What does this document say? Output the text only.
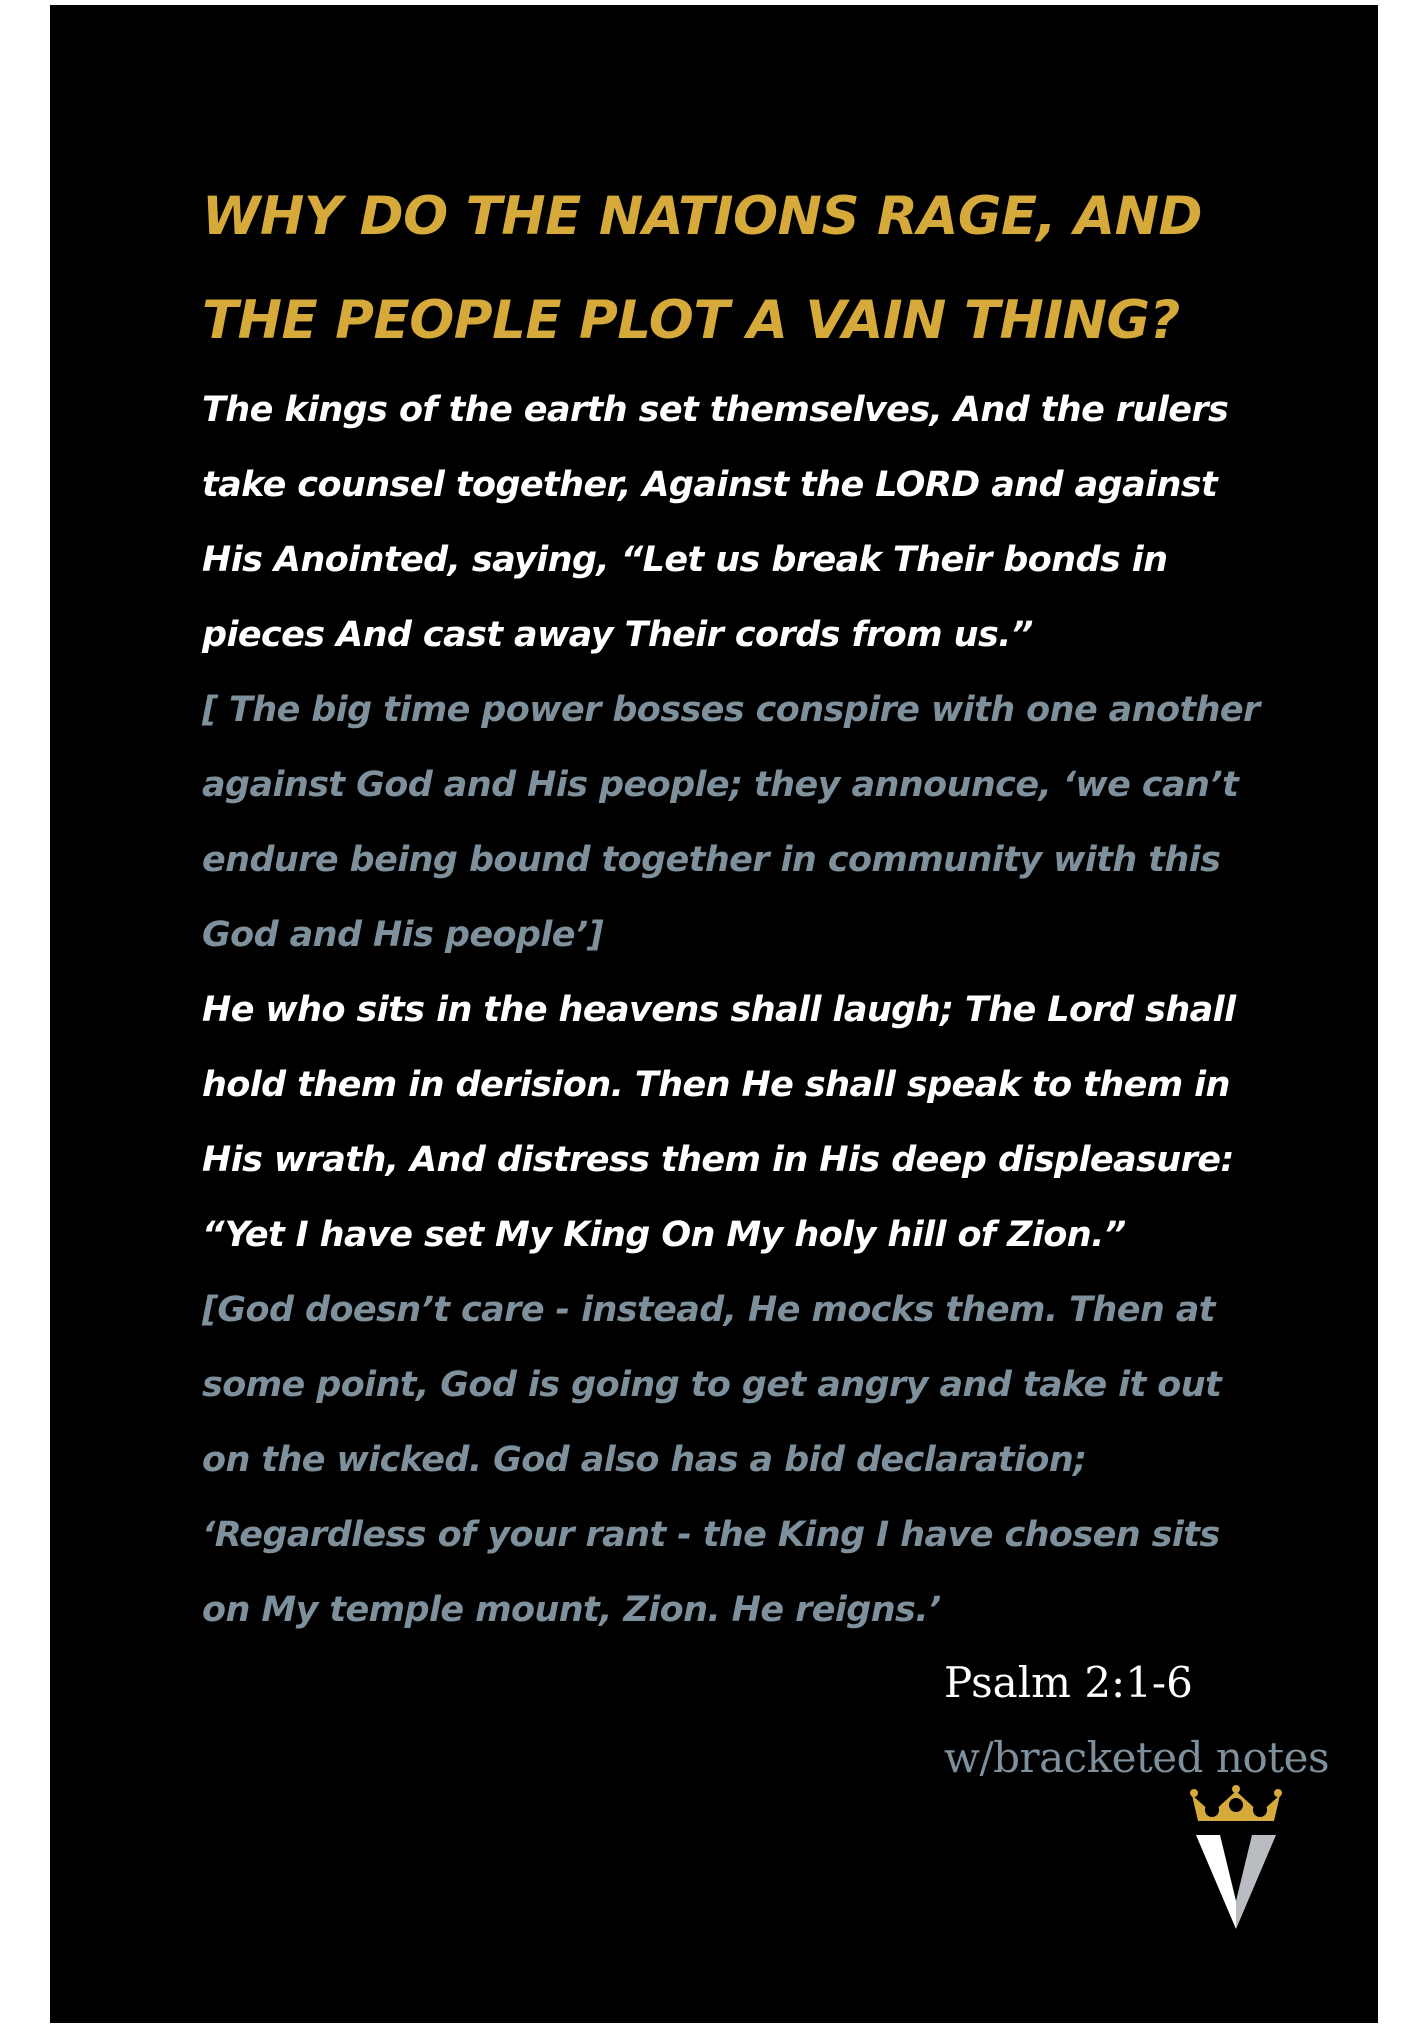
WHY DO THE NATIONS RAGE, AND

THE PEOPLE PLOT A VAIN THING?

The kings of the earth set themselves, And the rulers

take counsel together, Against the LORD and against

His Anointed, saying, “Let us break Their bonds in

pieces And cast away Their cords from us.”

[ The big time power bosses conspire with one another

against God and His people; they announce, ‘we can’t

endure being bound together in community with this

God and His people’]

He who sits in the heavens shall laugh; The Lord shall

hold them in derision. Then He shall speak to them in

His wrath, And distress them in His deep displeasure:

“Yet I have set My King On My holy hill of Zion.”

[God doesn’t care - instead, He mocks them. Then at

some point, God is going to get angry and take it out

on the wicked. God also has a bid declaration;

‘Regardless of your rant - the King I have chosen sits

on My temple mount, Zion. He reigns.’

Psalm 2:1-6
w/bracketed notes
